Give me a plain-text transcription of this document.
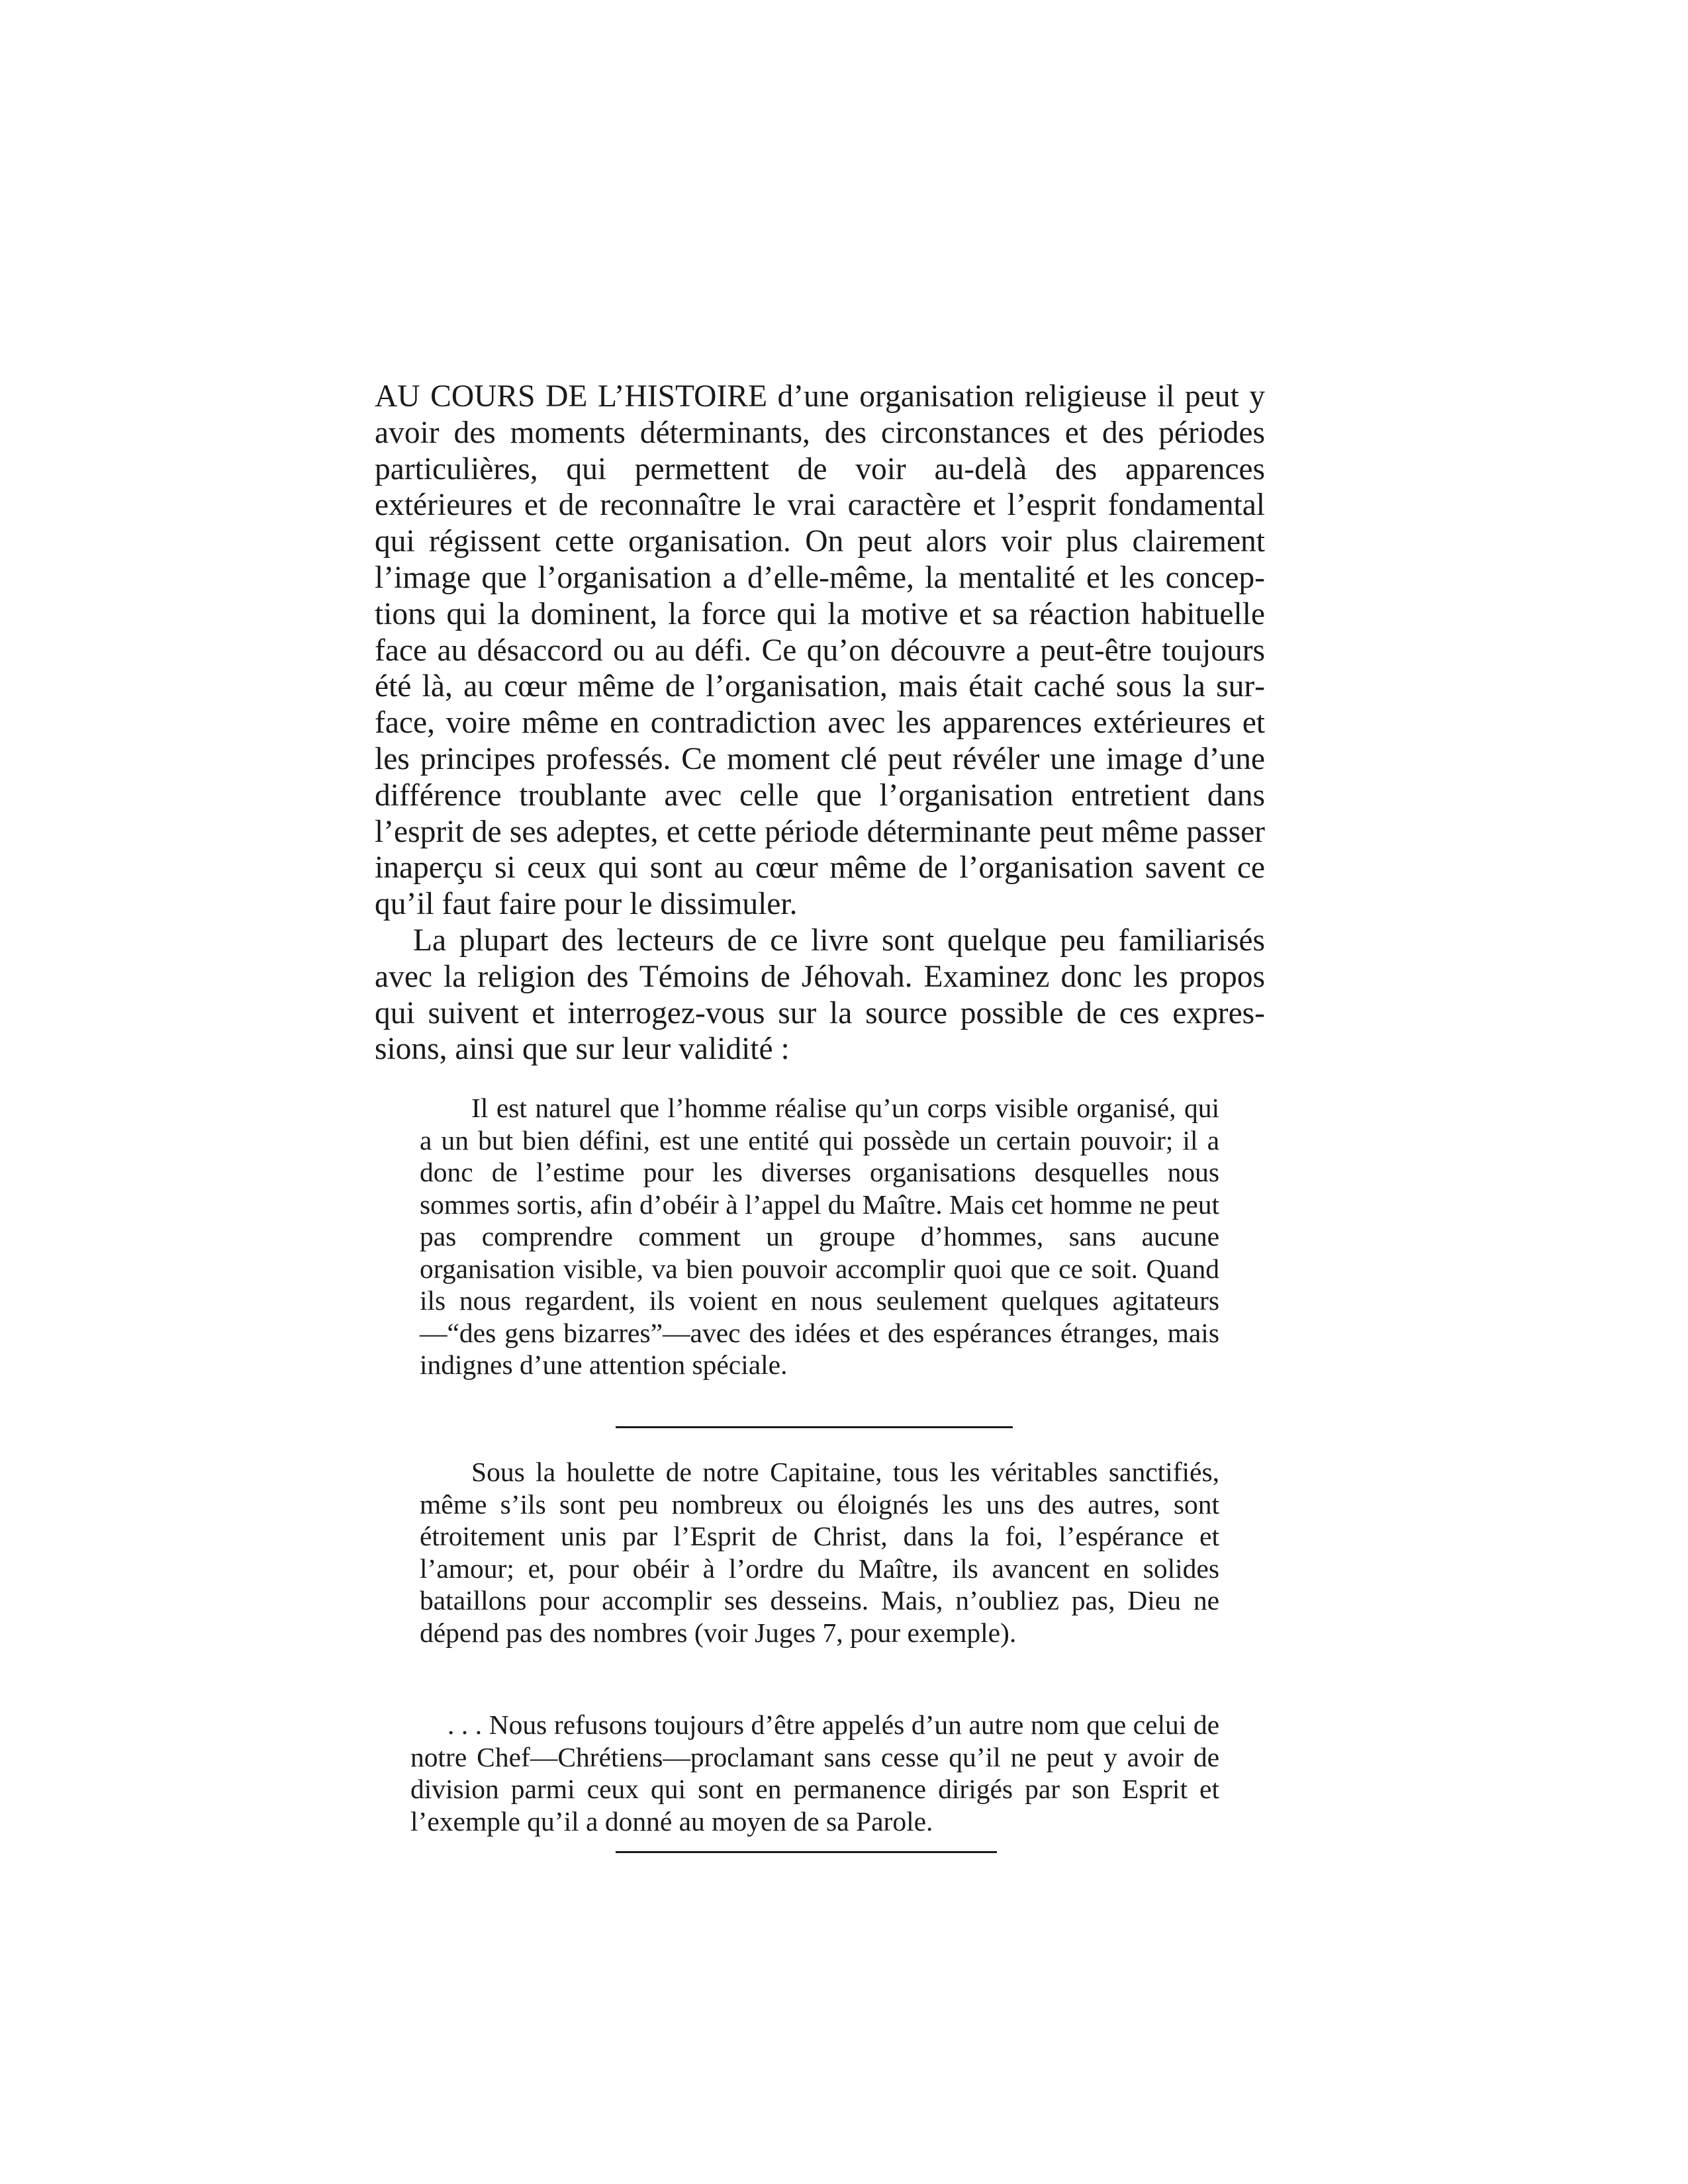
AU COURS DE L’HISTOIRE d’une organisation religieuse il peut y avoir des moments déterminants, des circonstances et des périodes particulières, qui permettent de voir au-delà des apparences extérieures et de reconnaître le vrai caractère et l’esprit fondamental qui régissent cette organisation. On peut alors voir plus clairement l’image que l’organisation a d’elle-même, la mentalité et les conceptions qui la dominent, la force qui la motive et sa réaction habituelle face au désaccord ou au défi. Ce qu’on découvre a peut-être toujours été là, au cœur même de l’organisation, mais était caché sous la surface, voire même en contradiction avec les apparences extérieures et les principes professés. Ce moment clé peut révéler une image d’une différence troublante avec celle que l’organisation entretient dans l’esprit de ses adeptes, et cette période déterminante peut même passer inaperçu si ceux qui sont au cœur même de l’organisation savent ce qu’il faut faire pour le dissimuler.

La plupart des lecteurs de ce livre sont quelque peu familiarisés avec la religion des Témoins de Jéhovah. Examinez donc les propos qui suivent et interrogez-vous sur la source possible de ces expressions, ainsi que sur leur validité :

Il est naturel que l’homme réalise qu’un corps visible organisé, qui a un but bien défini, est une entité qui possède un certain pouvoir; il a donc de l’estime pour les diverses organisations desquelles nous sommes sortis, afin d’obéir à l’appel du Maître. Mais cet homme ne peut pas comprendre comment un groupe d’hommes, sans aucune organisation visible, va bien pouvoir accomplir quoi que ce soit. Quand ils nous regardent, ils voient en nous seulement quelques agitateurs—“des gens bizarres”—avec des idées et des espérances étranges, mais indignes d’une attention spéciale.

Sous la houlette de notre Capitaine, tous les véritables sanctifiés, même s’ils sont peu nombreux ou éloignés les uns des autres, sont étroitement unis par l’Esprit de Christ, dans la foi, l’espérance et l’amour; et, pour obéir à l’ordre du Maître, ils avancent en solides bataillons pour accomplir ses desseins. Mais, n’oubliez pas, Dieu ne dépend pas des nombres (voir Juges 7, pour exemple).

. . . Nous refusons toujours d’être appelés d’un autre nom que celui de notre Chef—Chrétiens—proclamant sans cesse qu’il ne peut y avoir de division parmi ceux qui sont en permanence dirigés par son Esprit et l’exemple qu’il a donné au moyen de sa Parole.
